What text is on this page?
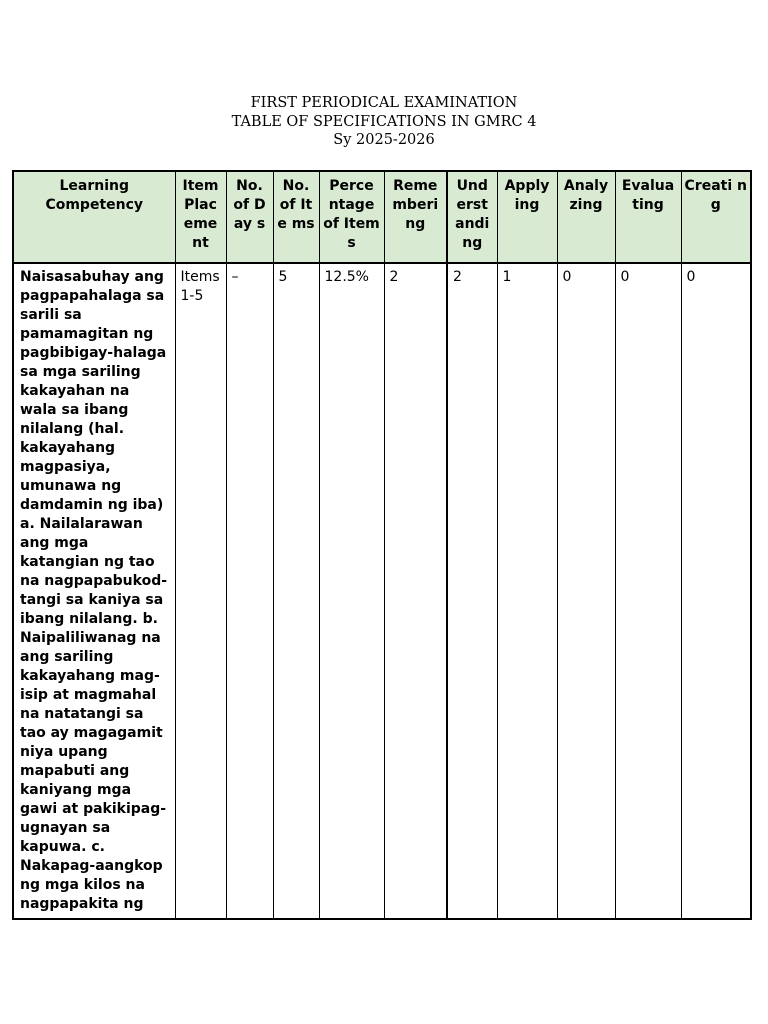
FIRST PERIODICAL EXAMINATION
TABLE OF SPECIFICATIONS IN GMRC 4
Sy 2025-2026
Learning Competency	Item Plac eme nt	No. of Day s	No. of Ite ms	Perce ntage of Items	Reme mberi ng	Und erst andi ng	Apply ing	Analy zing	Evalua ting	Creati ng
Naisasabuhay ang pagpapahalaga sa sarili sa pamamagitan ng pagbibigay-halaga sa mga sariling kakayahan na wala sa ibang nilalang (hal. kakayahang magpasiya, umunawa ng damdamin ng iba) a. Nailalarawan ang mga katangian ng tao na nagpapabukod-tangi sa kaniya sa ibang nilalang. b. Naipaliliwanag na ang sariling kakayahang mag-isip at magmahal na natatangi sa tao ay magagamit niya upang mapabuti ang kaniyang mga gawi at pakikipag-ugnayan sa kapuwa. c. Nakapag-aangkop ng mga kilos na nagpapakita ng	Items 1-5	–	5	12.5%	2	2	1	0	0	0
